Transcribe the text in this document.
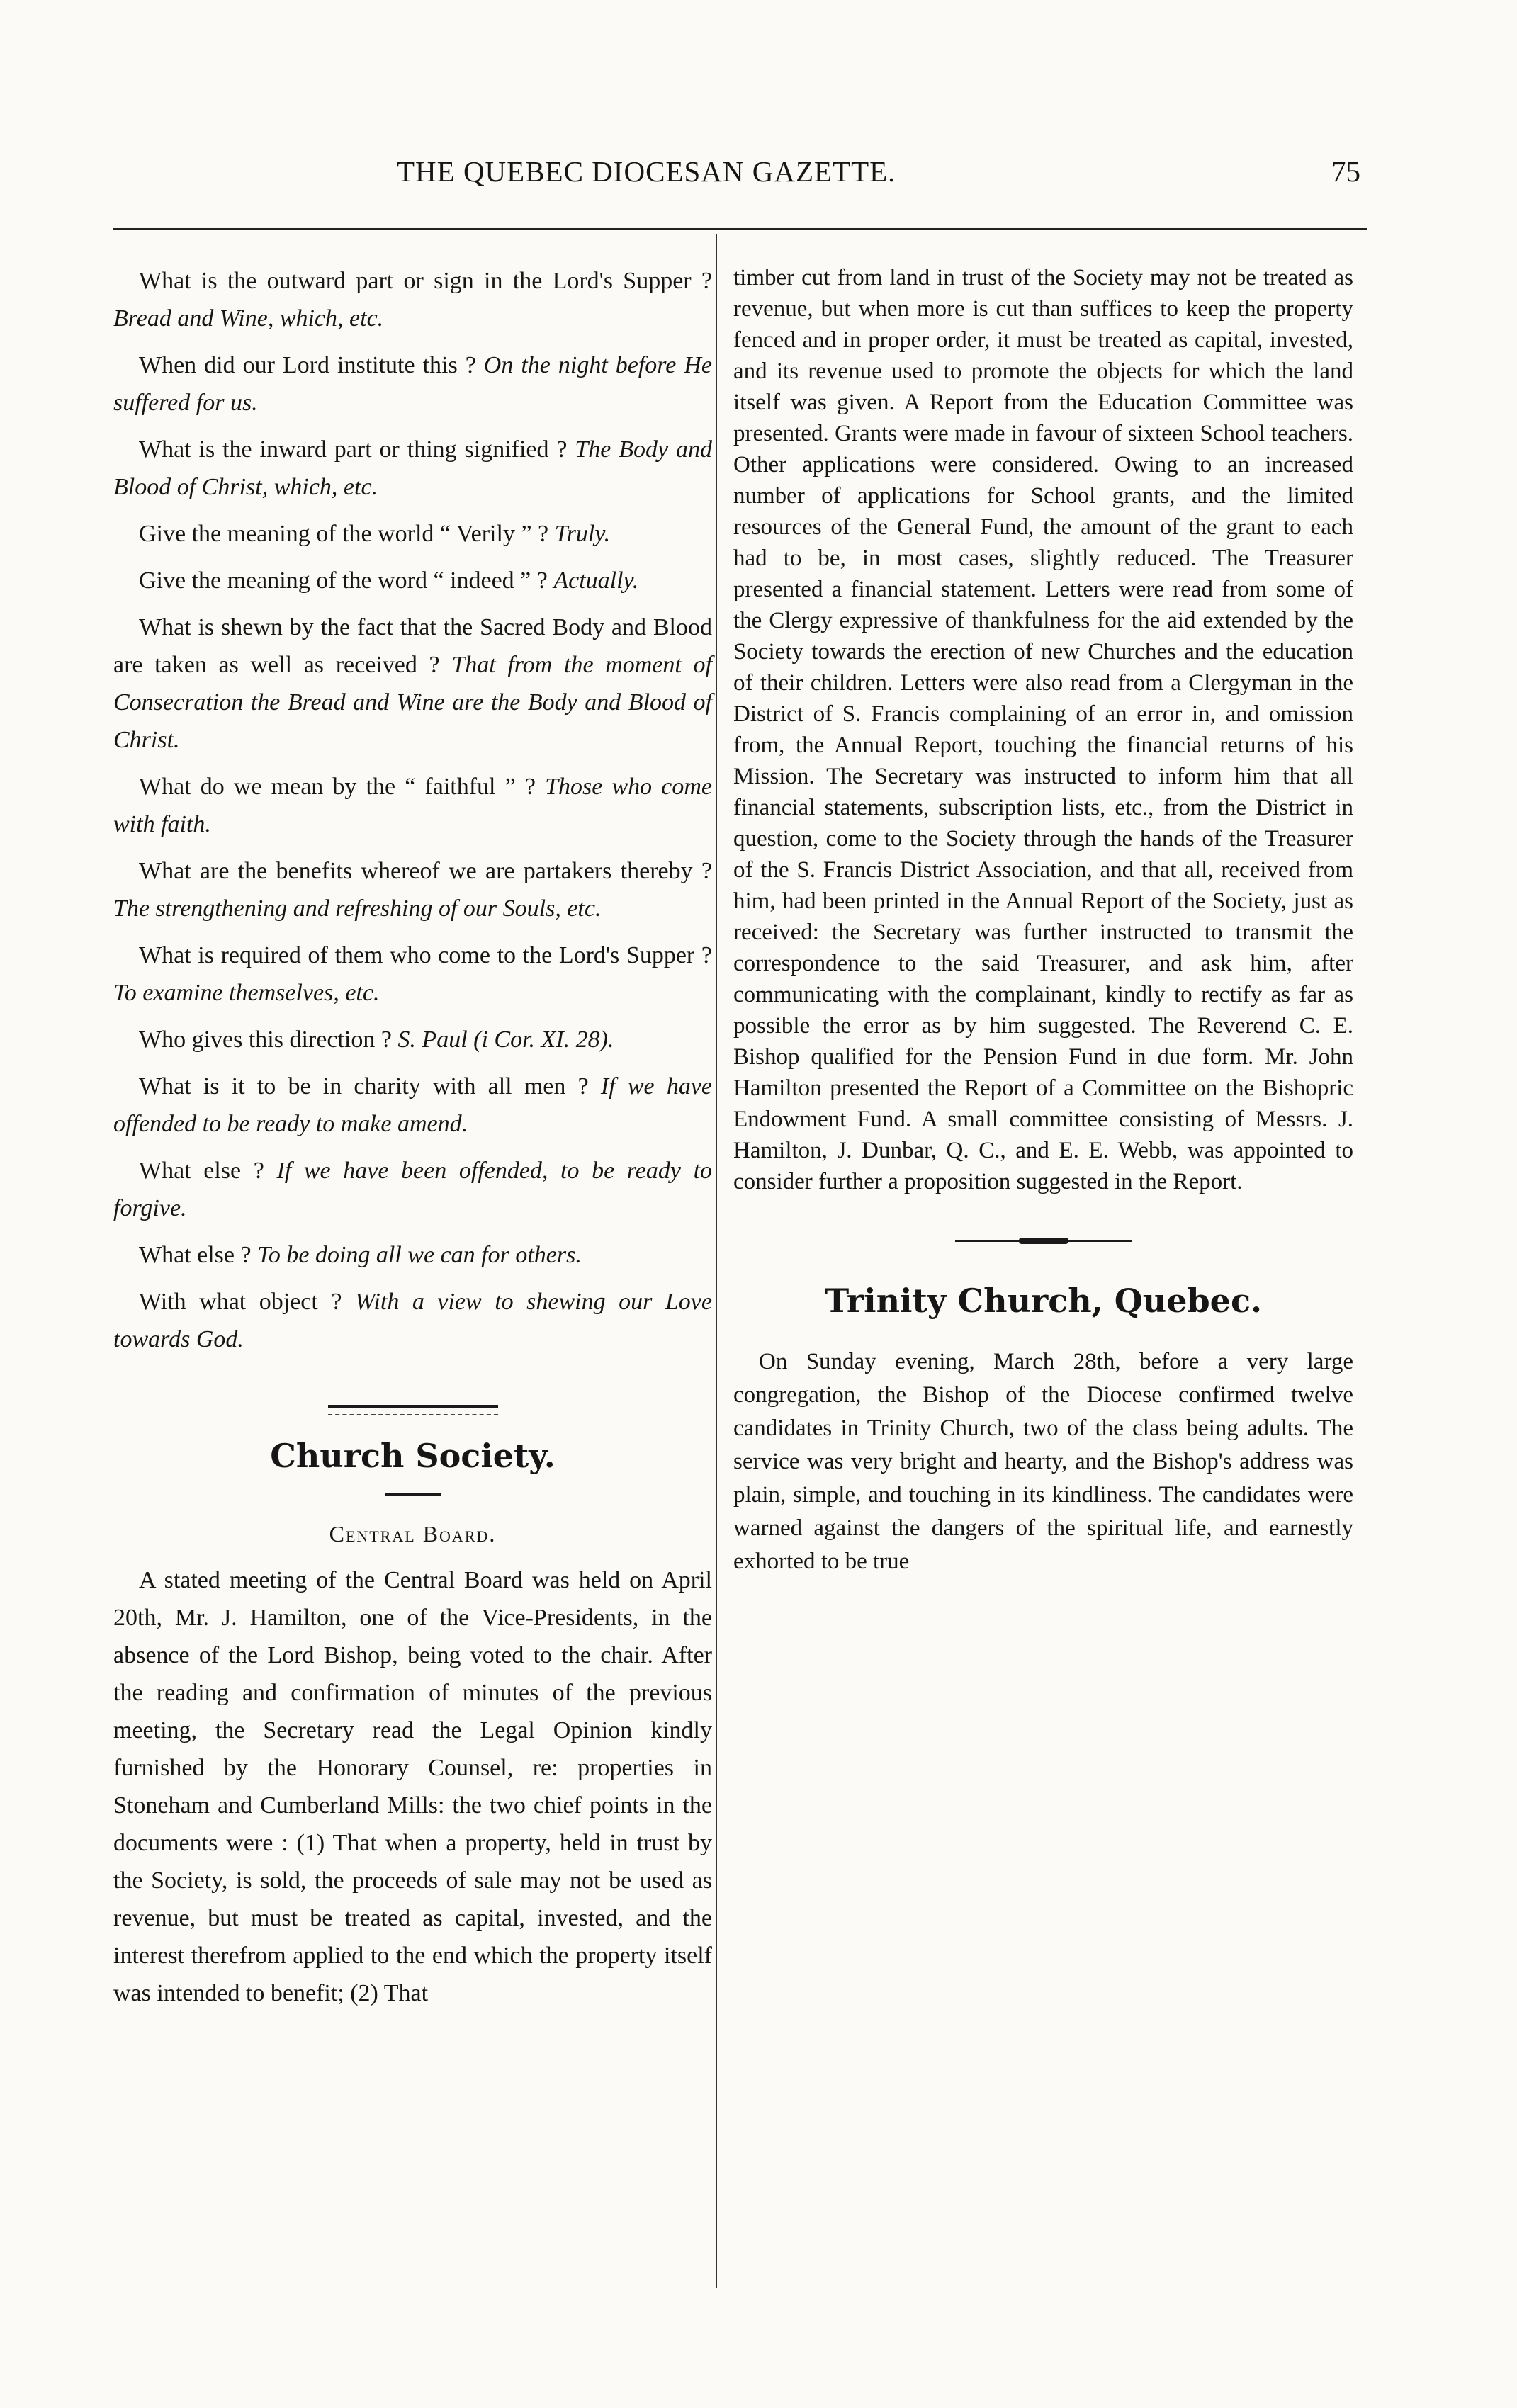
THE QUEBEC DIOCESAN GAZETTE.	75

What is the outward part or sign in the Lord's Supper ? Bread and Wine, which, etc.

When did our Lord institute this ? On the night before He suffered for us.

What is the inward part or thing signified ? The Body and Blood of Christ, which, etc.

Give the meaning of the world “ Verily ” ? Truly.

Give the meaning of the word “ indeed ” ? Actually.

What is shewn by the fact that the Sacred Body and Blood are taken as well as received ? That from the moment of Consecration the Bread and Wine are the Body and Blood of Christ.

What do we mean by the “ faithful ” ? Those who come with faith.

What are the benefits whereof we are partakers thereby ? The strengthening and refreshing of our Souls, etc.

What is required of them who come to the Lord's Supper ? To examine themselves, etc.

Who gives this direction ? S. Paul (i Cor. XI. 28).

What is it to be in charity with all men ? If we have offended to be ready to make amend.

What else ? If we have been offended, to be ready to forgive.

What else ? To be doing all we can for others.

With what object ? With a view to shewing our Love towards God.

Church Society.
Central Board.

A stated meeting of the Central Board was held on April 20th, Mr. J. Hamilton, one of the Vice-Presidents, in the absence of the Lord Bishop, being voted to the chair. After the reading and confirmation of minutes of the previous meeting, the Secretary read the Legal Opinion kindly furnished by the Honorary Counsel, re: properties in Stoneham and Cumberland Mills: the two chief points in the documents were : (1) That when a property, held in trust by the Society, is sold, the proceeds of sale may not be used as revenue, but must be treated as capital, invested, and the interest therefrom applied to the end which the property itself was intended to benefit; (2) That

timber cut from land in trust of the Society may not be treated as revenue, but when more is cut than suffices to keep the property fenced and in proper order, it must be treated as capital, invested, and its revenue used to promote the objects for which the land itself was given. A Report from the Education Committee was presented. Grants were made in favour of sixteen School teachers. Other applications were considered. Owing to an increased number of applications for School grants, and the limited resources of the General Fund, the amount of the grant to each had to be, in most cases, slightly reduced. The Treasurer presented a financial statement. Letters were read from some of the Clergy expressive of thankfulness for the aid extended by the Society towards the erection of new Churches and the education of their children. Letters were also read from a Clergyman in the District of S. Francis complaining of an error in, and omission from, the Annual Report, touching the financial returns of his Mission. The Secretary was instructed to inform him that all financial statements, subscription lists, etc., from the District in question, come to the Society through the hands of the Treasurer of the S. Francis District Association, and that all, received from him, had been printed in the Annual Report of the Society, just as received: the Secretary was further instructed to transmit the correspondence to the said Treasurer, and ask him, after communicating with the complainant, kindly to rectify as far as possible the error as by him suggested. The Reverend C. E. Bishop qualified for the Pension Fund in due form. Mr. John Hamilton presented the Report of a Committee on the Bishopric Endowment Fund. A small committee consisting of Messrs. J. Hamilton, J. Dunbar, Q. C., and E. E. Webb, was appointed to consider further a proposition suggested in the Report.

Trinity Church, Quebec.

On Sunday evening, March 28th, before a very large congregation, the Bishop of the Diocese confirmed twelve candidates in Trinity Church, two of the class being adults. The service was very bright and hearty, and the Bishop's address was plain, simple, and touching in its kindliness. The candidates were warned against the dangers of the spiritual life, and earnestly exhorted to be true
